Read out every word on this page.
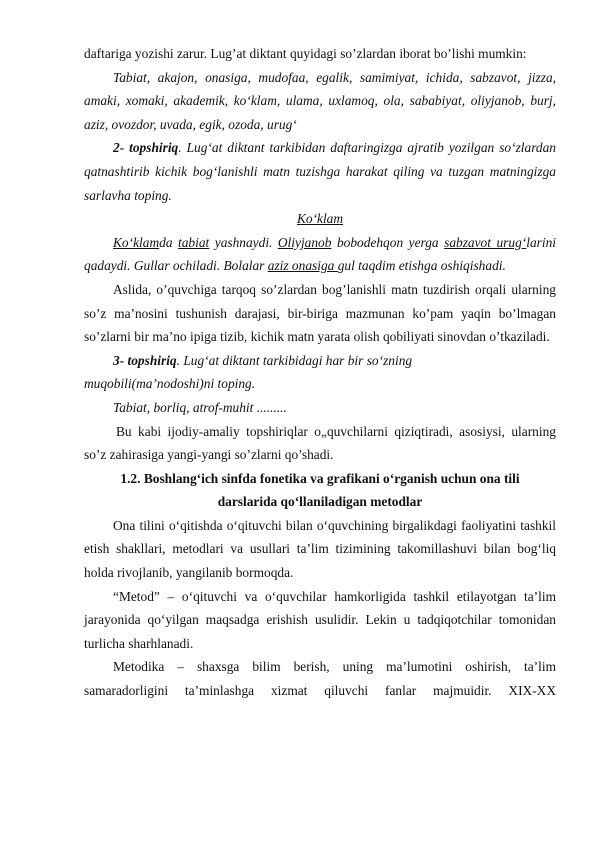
daftariga yozishi zarur. Lug’at diktant quyidagi so’zlardan iborat bo’lishi mumkin:

Tabiat, akajon, onasiga, mudofaa, egalik, samimiyat, ichida, sabzavot, jizza, amaki, xomaki, akademik, ko‘klam, ulama, uxlamoq, ola, sababiyat, oliyjanob, burj, aziz, ovozdor, uvada, egik, ozoda, urug‘

2- topshiriq. Lug‘at diktant tarkibidan daftaringizga ajratib yozilgan so‘zlardan qatnashtirib kichik bog‘lanishli matn tuzishga harakat qiling va tuzgan matningizga sarlavha toping.

Ko‘klam

Ko‘klamda tabiat yashnaydi. Oliyjanob bobodehqon yerga sabzavot urug‘larini qadaydi. Gullar ochiladi. Bolalar aziz onasiga gul taqdim etishga oshiqishadi.

Aslida, o’quvchiga tarqoq so’zlardan bog’lanishli matn tuzdirish orqali ularning so’z ma’nosini tushunish darajasi, bir-biriga mazmunan ko’pam yaqin bo’lmagan so’zlarni bir ma’no ipiga tizib, kichik matn yarata olish qobiliyati sinovdan o’tkaziladi.

3- topshiriq. Lug‘at diktant tarkibidagi har bir so‘zning

muqobili(ma’nodoshi)ni toping.

Tabiat, borliq, atrof-muhit .........

Bu kabi ijodiy-amaliy topshiriqlar o„quvchilarni qiziqtiradi, asosiysi, ularning so’z zahirasiga yangi-yangi so’zlarni qo’shadi.

1.2. Boshlang‘ich sinfda fonetika va grafikani o‘rganish uchun ona tili

darslarida qo‘llaniladigan metodlar

Ona tilini o‘qitishda o‘qituvchi bilan o‘quvchining birgalikdagi faoliyatini tashkil etish shakllari, metodlari va usullari ta’lim tizimining takomillashuvi bilan bog‘liq holda rivojlanib, yangilanib bormoqda.

“Metod” – o‘qituvchi va o‘quvchilar hamkorligida tashkil etilayotgan ta’lim jarayonida qo‘yilgan maqsadga erishish usulidir. Lekin u tadqiqotchilar tomonidan turlicha sharhlanadi.

Metodika – shaxsga bilim berish, uning ma’lumotini oshirish, ta’lim samaradorligini ta’minlashga xizmat qiluvchi fanlar majmuidir. XIX-XX
